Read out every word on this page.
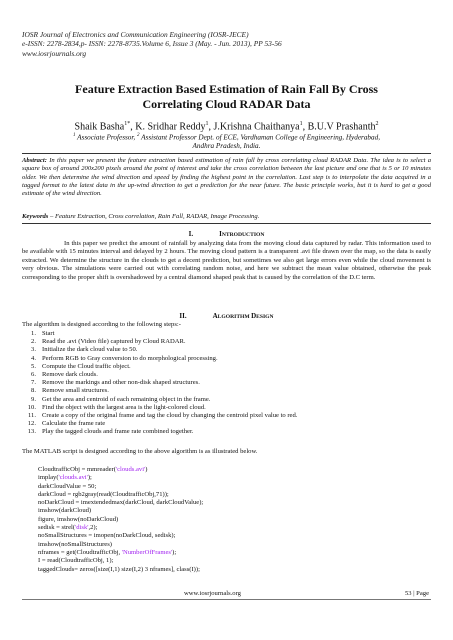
IOSR Journal of Electronics and Communication Engineering (IOSR-JECE)
e-ISSN: 2278-2834,p- ISSN: 2278-8735.Volume 6, Issue 3 (May. - Jun. 2013), PP 53-56
www.iosrjournals.org
Feature Extraction Based Estimation of Rain Fall By Cross
Correlating Cloud RADAR Data
Shaik Basha$^{1*}$, K. Sridhar Reddy$^1$, J.Krishna Chaithanya$^1$, B.U.V Prashanth$^2$
$^1$ Associate Professor, $^2$ Assistant Professor Dept. of ECE, Vardhaman College of Engineering, Hyderabad,
Andhra Pradesh, India.
Abstract: In this paper we present the feature extraction based estimation of rain fall by cross correlating cloud RADAR Data. The idea is to select a square box of around 200x200 pixels around the point of interest and take the cross correlation between the last picture and one that is 5 or 10 minutes older. We then determine the wind direction and speed by finding the highest point in the correlation. Last step is to interpolate the data acquired in a tagged format to the latest data in the up-wind direction to get a prediction for the near future. The basic principle works, but it is hard to get a good estimate of the wind direction.
Keywords – Feature Extraction, Cross correlation, Rain Fall, RADAR, Image Processing.
I.	INTRODUCTION
In this paper we predict the amount of rainfall by analyzing data from the moving cloud data captured by radar. This information used to be available with 15 minutes interval and delayed by 2 hours. The moving cloud pattern is a transparent .avi file drawn over the map, so the data is easily extracted. We determine the structure in the clouds to get a decent prediction, but sometimes we also get large errors even while the cloud movement is very obvious. The simulations were carried out with correlating random noise, and here we subtract the mean value obtained, otherwise the peak corresponding to the proper shift is overshadowed by a central diamond shaped peak that is caused by the correlation of the D.C term.
II.	ALGORITHM DESIGN
The algorithm is designed according to the following steps:-
1. Start
2. Read the .avi (Video file) captured by Cloud RADAR.
3. Initialize the dark cloud value to 50.
4. Perform RGB to Gray conversion to do morphological processing.
5. Compute the Cloud traffic object.
6. Remove dark clouds.
7. Remove the markings and other non-disk shaped structures.
8. Remove small structures.
9. Get the area and centroid of each remaining object in the frame.
10. Find the object with the largest area is the light-colored cloud.
11. Create a copy of the original frame and tag the cloud by changing the centroid pixel value to red.
12. Calculate the frame rate
13. Play the tagged clouds and frame rate combined together.
The MATLAB script is designed according to the above algorithm is as illustrated below.
CloudtrafficObj = mmreader('clouds.avi')
implay('clouds.avi');
darkCloudValue = 50;
darkCloud = rgb2gray(read(CloudtrafficObj,71));
noDarkCloud = imextendedmax(darkCloud, darkCloudValue);
imshow(darkCloud)
figure, imshow(noDarkCloud)
sedisk = strel('disk',2);
noSmallStructures = imopen(noDarkCloud, sedisk);
imshow(noSmallStructures)
nframes = get(CloudtrafficObj, 'NumberOfFrames');
I = read(CloudtrafficObj, 1);
taggedClouds= zeros([size(I,1) size(I,2) 3 nframes], class(I));
www.iosrjournals.org	53 | Page
